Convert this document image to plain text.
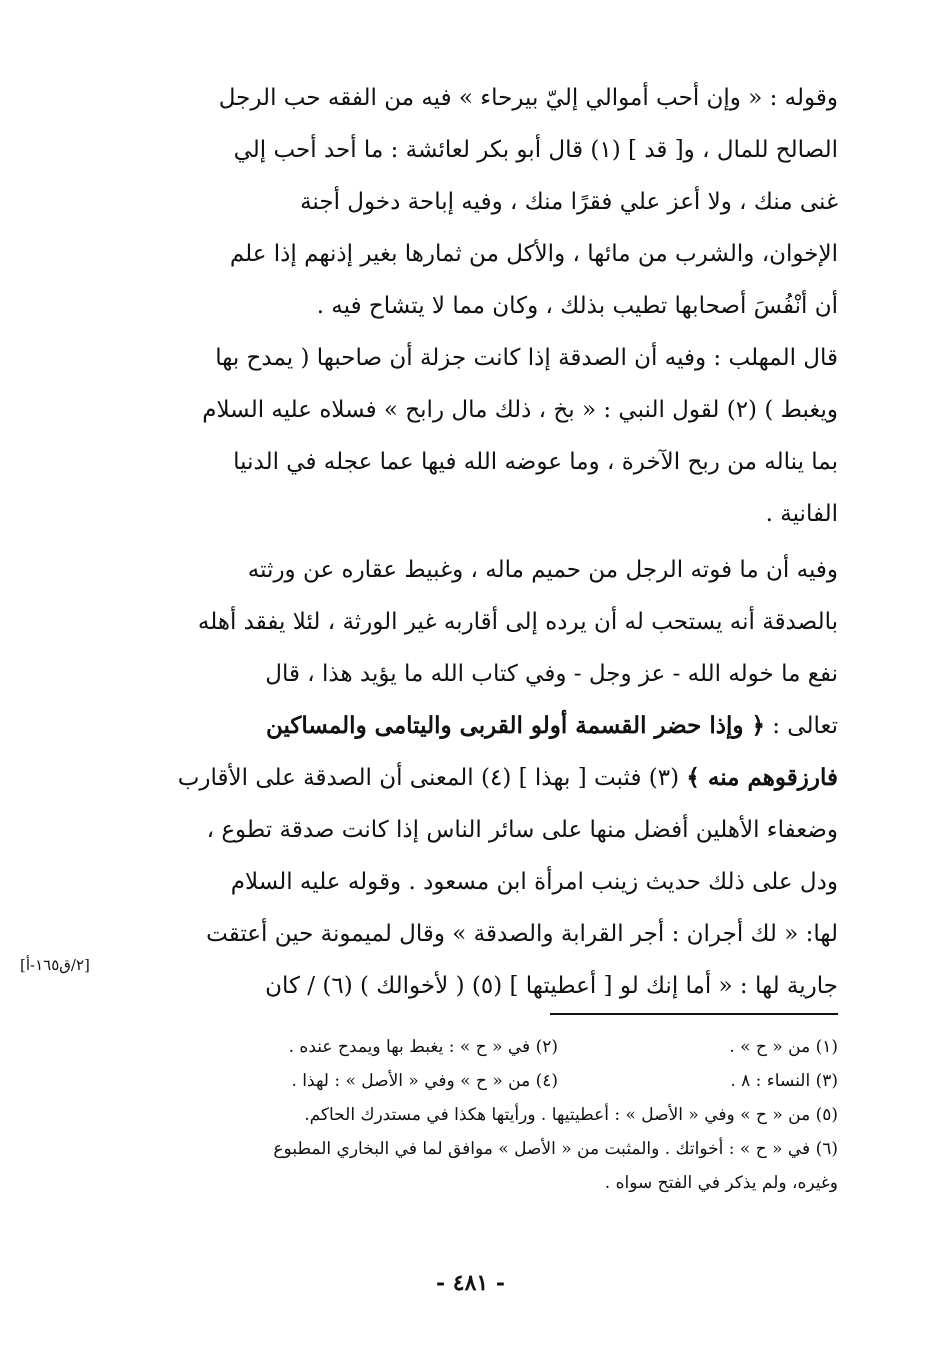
وقوله : « وإن أحب أموالي إليّ بيرحاء » فيه من الفقه حب الرجل
الصالح للمال ، و[ قد ] (١) قال أبو بكر لعائشة : ما أحد أحب إلي
غنى منك ، ولا أعز علي فقرًا منك ، وفيه إباحة دخول أجنة
الإخوان، والشرب من مائها ، والأكل من ثمارها بغير إذنهم إذا علم
أن أنْفُسَ أصحابها تطيب بذلك ، وكان مما لا يتشاح فيه .
قال المهلب : وفيه أن الصدقة إذا كانت جزلة أن صاحبها ( يمدح بها
ويغبط ) (٢) لقول النبي : « بخ ، ذلك مال رابح » فسلاه عليه السلام
بما يناله من ربح الآخرة ، وما عوضه الله فيها عما عجله في الدنيا
الفانية .
وفيه أن ما فوته الرجل من حميم ماله ، وغبيط عقاره عن ورثته
بالصدقة أنه يستحب له أن يرده إلى أقاربه غير الورثة ، لئلا يفقد أهله
نفع ما خوله الله - عز وجل - وفي كتاب الله ما يؤيد هذا ، قال
تعالى : ﴿ وإذا حضر القسمة أولو القربى واليتامى والمساكين
فارزقوهم منه ﴾ (٣) فثبت [ بهذا ] (٤) المعنى أن الصدقة على الأقارب
وضعفاء الأهلين أفضل منها على سائر الناس إذا كانت صدقة تطوع ،
ودل على ذلك حديث زينب امرأة ابن مسعود . وقوله عليه السلام
لها: « لك أجران : أجر القرابة والصدقة » وقال لميمونة حين أعتقت
جارية لها : « أما إنك لو [ أعطيتها ] (٥) ( لأخوالك ) (٦) / كان
[٢/ق١٦٥-أ]
(١) من « ح » .
(٢) في « ح » : يغبط بها ويمدح عنده .
(٣) النساء : ٨ .
(٤) من « ح » وفي « الأصل » : لهذا .
(٥) من « ح » وفي « الأصل » : أعطيتيها . ورأيتها هكذا في مستدرك الحاكم.
(٦) في « ح » : أخواتك . والمثبت من « الأصل » موافق لما في البخاري المطبوع
وغيره، ولم يذكر في الفتح سواه .
- ٤٨١ -
